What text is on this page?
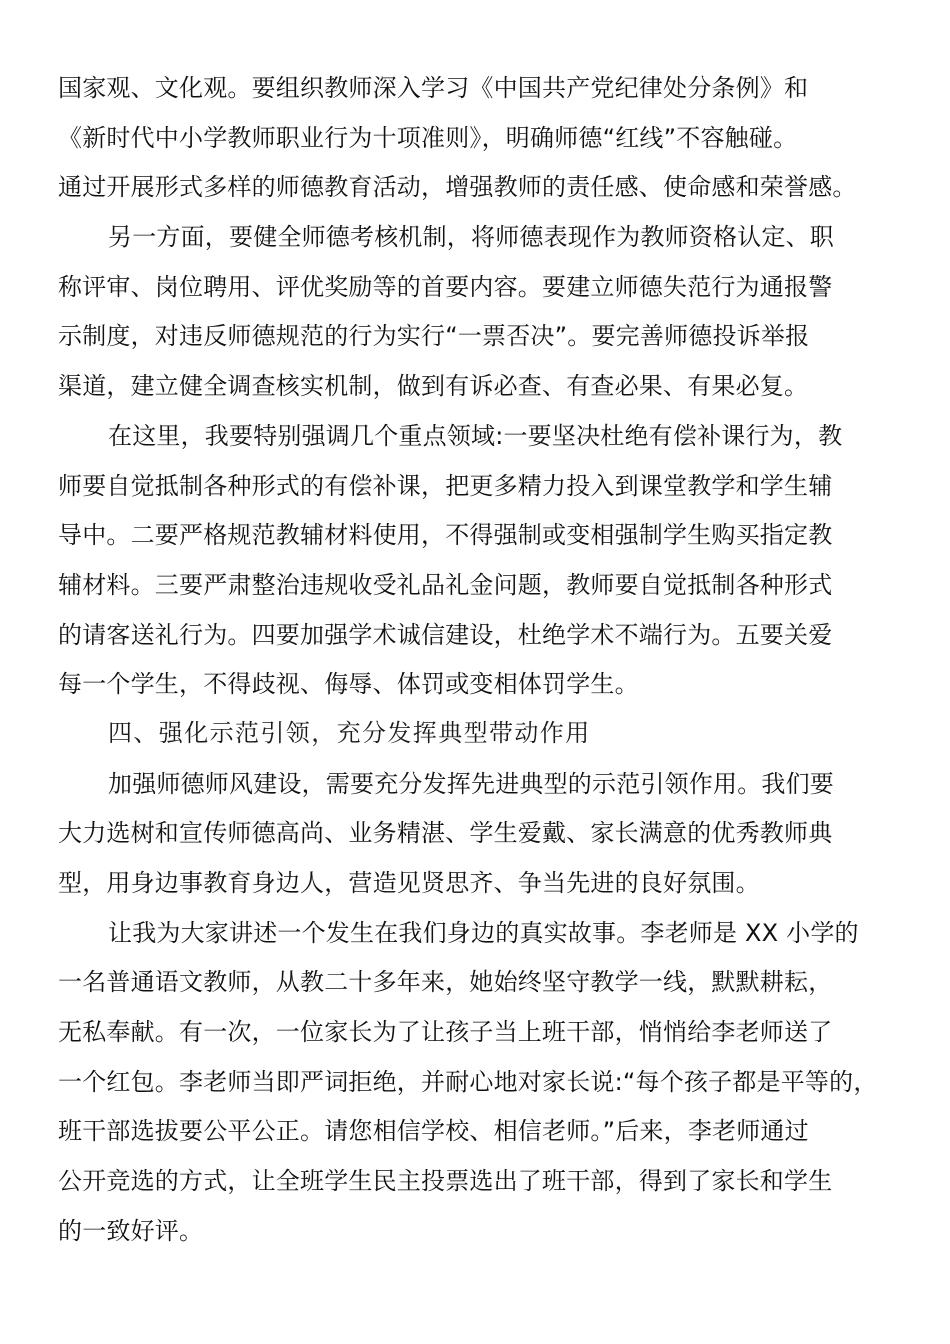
国家观、文化观。要组织教师深入学习《中国共产党纪律处分条例》和
《新时代中小学教师职业行为十项准则》，明确师德“红线”不容触碰。
通过开展形式多样的师德教育活动，增强教师的责任感、使命感和荣誉感。
另一方面，要健全师德考核机制，将师德表现作为教师资格认定、职
称评审、岗位聘用、评优奖励等的首要内容。要建立师德失范行为通报警
示制度，对违反师德规范的行为实行“一票否决”。要完善师德投诉举报
渠道，建立健全调查核实机制，做到有诉必查、有查必果、有果必复。
在这里，我要特别强调几个重点领域:一要坚决杜绝有偿补课行为，教
师要自觉抵制各种形式的有偿补课，把更多精力投入到课堂教学和学生辅
导中。二要严格规范教辅材料使用，不得强制或变相强制学生购买指定教
辅材料。三要严肃整治违规收受礼品礼金问题，教师要自觉抵制各种形式
的请客送礼行为。四要加强学术诚信建设，杜绝学术不端行为。五要关爱
每一个学生，不得歧视、侮辱、体罚或变相体罚学生。
四、强化示范引领，充分发挥典型带动作用
加强师德师风建设，需要充分发挥先进典型的示范引领作用。我们要
大力选树和宣传师德高尚、业务精湛、学生爱戴、家长满意的优秀教师典
型，用身边事教育身边人，营造见贤思齐、争当先进的良好氛围。
让我为大家讲述一个发生在我们身边的真实故事。李老师是 XX 小学的
一名普通语文教师，从教二十多年来，她始终坚守教学一线，默默耕耘，
无私奉献。有一次，一位家长为了让孩子当上班干部，悄悄给李老师送了
一个红包。李老师当即严词拒绝，并耐心地对家长说:“每个孩子都是平等的，
班干部选拔要公平公正。请您相信学校、相信老师。”后来，李老师通过
公开竞选的方式，让全班学生民主投票选出了班干部，得到了家长和学生
的一致好评。
